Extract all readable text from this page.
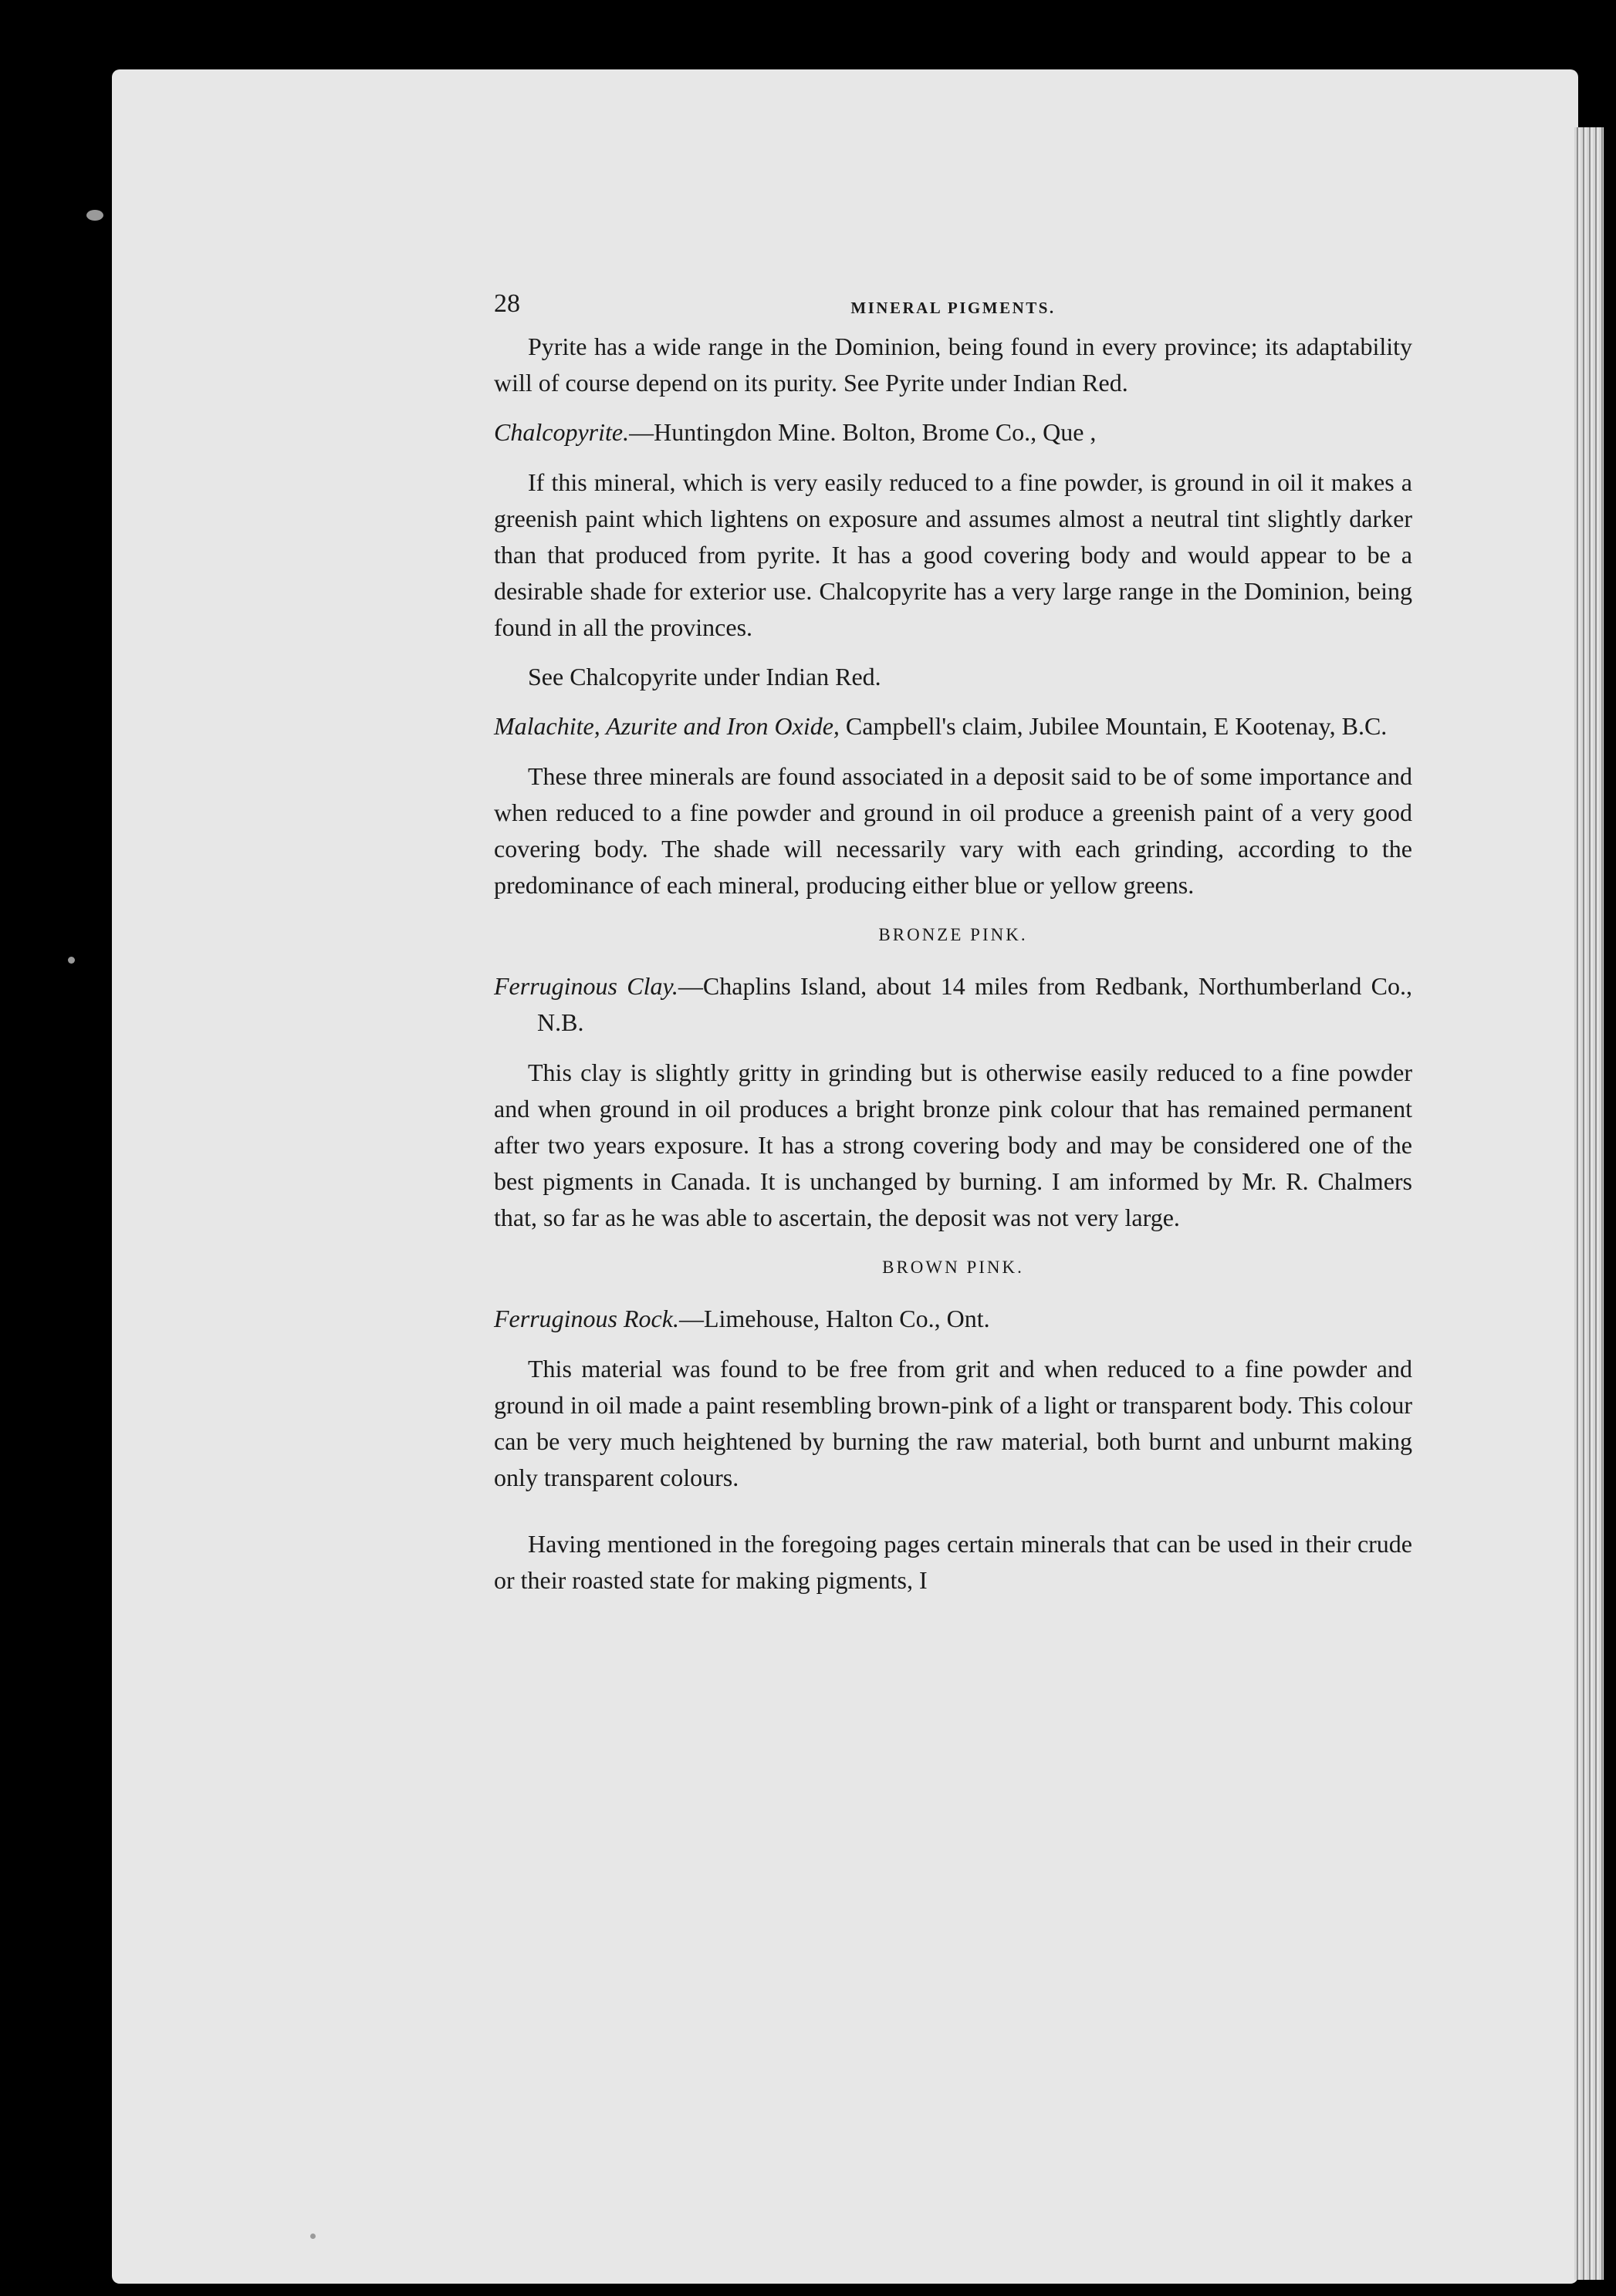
28	MINERAL PIGMENTS.

Pyrite has a wide range in the Dominion, being found in every province; its adaptability will of course depend on its purity. See Pyrite under Indian Red.

Chalcopyrite.—Huntingdon Mine. Bolton, Brome Co., Que ,

If this mineral, which is very easily reduced to a fine powder, is ground in oil it makes a greenish paint which lightens on exposure and assumes almost a neutral tint slightly darker than that produced from pyrite. It has a good covering body and would appear to be a desirable shade for exterior use. Chalcopyrite has a very large range in the Dominion, being found in all the provinces.

See Chalcopyrite under Indian Red.

Malachite, Azurite and Iron Oxide, Campbell's claim, Jubilee Mountain, E Kootenay, B.C.

These three minerals are found associated in a deposit said to be of some importance and when reduced to a fine powder and ground in oil produce a greenish paint of a very good covering body. The shade will necessarily vary with each grinding, according to the predominance of each mineral, producing either blue or yellow greens.

BRONZE PINK.

Ferruginous Clay.—Chaplins Island, about 14 miles from Redbank, Northumberland Co., N.B.

This clay is slightly gritty in grinding but is otherwise easily reduced to a fine powder and when ground in oil produces a bright bronze pink colour that has remained permanent after two years exposure. It has a strong covering body and may be considered one of the best pigments in Canada. It is unchanged by burning. I am informed by Mr. R. Chalmers that, so far as he was able to ascertain, the deposit was not very large.

BROWN PINK.

Ferruginous Rock.—Limehouse, Halton Co., Ont.

This material was found to be free from grit and when reduced to a fine powder and ground in oil made a paint resembling brown-pink of a light or transparent body. This colour can be very much heightened by burning the raw material, both burnt and unburnt making only transparent colours.

Having mentioned in the foregoing pages certain minerals that can be used in their crude or their roasted state for making pigments, I
